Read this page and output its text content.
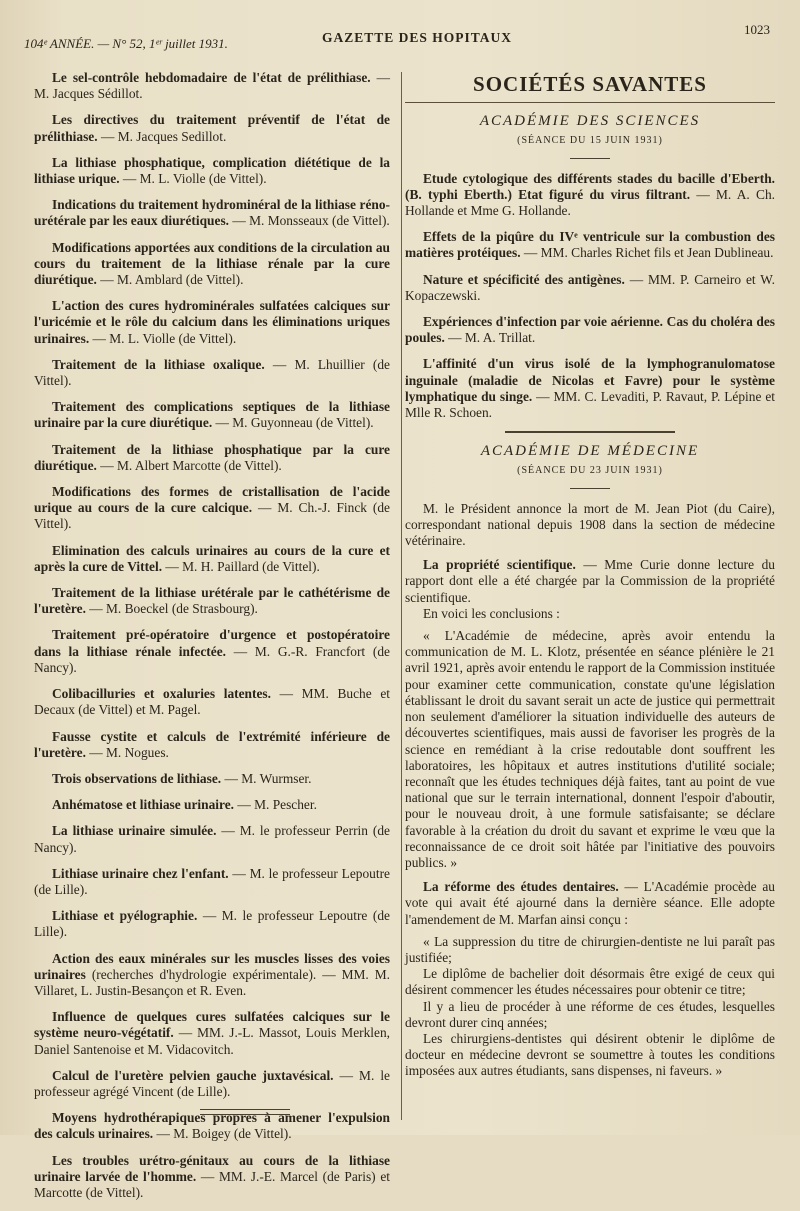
104ᵉ ANNÉE. — N° 52, 1ᵉʳ juillet 1931.	GAZETTE DES HOPITAUX
1023

Le sel-contrôle hebdomadaire de l'état de prélithiase. — M. Jacques Sédillot.

Les directives du traitement préventif de l'état de prélithiase. — M. Jacques Sedillot.

La lithiase phosphatique, complication diététique de la lithiase urique. — M. L. Violle (de Vittel).

Indications du traitement hydrominéral de la lithiase réno-urétérale par les eaux diurétiques. — M. Monsseaux (de Vittel).

Modifications apportées aux conditions de la circulation au cours du traitement de la lithiase rénale par la cure diurétique. — M. Amblard (de Vittel).

L'action des cures hydrominérales sulfatées calciques sur l'uricémie et le rôle du calcium dans les éliminations uriques urinaires. — M. L. Violle (de Vittel).

Traitement de la lithiase oxalique. — M. Lhuillier (de Vittel).

Traitement des complications septiques de la lithiase urinaire par la cure diurétique. — M. Guyonneau (de Vittel).

Traitement de la lithiase phosphatique par la cure diurétique. — M. Albert Marcotte (de Vittel).

Modifications des formes de cristallisation de l'acide urique au cours de la cure calcique. — M. Ch.-J. Finck (de Vittel).

Elimination des calculs urinaires au cours de la cure et après la cure de Vittel. — M. H. Paillard (de Vittel).

Traitement de la lithiase urétérale par le cathétérisme de l'uretère. — M. Boeckel (de Strasbourg).

Traitement pré-opératoire d'urgence et postopératoire dans la lithiase rénale infectée. — M. G.-R. Francfort (de Nancy).

Colibacilluries et oxaluries latentes. — MM. Buche et Decaux (de Vittel) et M. Pagel.

Fausse cystite et calculs de l'extrémité inférieure de l'uretère. — M. Nogues.

Trois observations de lithiase. — M. Wurmser.

Anhématose et lithiase urinaire. — M. Pescher.

La lithiase urinaire simulée. — M. le professeur Perrin (de Nancy).

Lithiase urinaire chez l'enfant. — M. le professeur Lepoutre (de Lille).

Lithiase et pyélographie. — M. le professeur Lepoutre (de Lille).

Action des eaux minérales sur les muscles lisses des voies urinaires (recherches d'hydrologie expérimentale). — MM. M. Villaret, L. Justin-Besançon et R. Even.

Influence de quelques cures sulfatées calciques sur le système neuro-végétatif. — MM. J.-L. Massot, Louis Merklen, Daniel Santenoise et M. Vidacovitch.

Calcul de l'uretère pelvien gauche juxtavésical. — M. le professeur agrégé Vincent (de Lille).

Moyens hydrothérapiques propres à amener l'expulsion des calculs urinaires. — M. Boigey (de Vittel).

Les troubles urétro-génitaux au cours de la lithiase urinaire larvée de l'homme. — MM. J.-E. Marcel (de Paris) et Marcotte (de Vittel).

SOCIÉTÉS SAVANTES
ACADÉMIE DES SCIENCES
(SÉANCE DU 15 JUIN 1931)

Etude cytologique des différents stades du bacille d'Eberth. (B. typhi Eberth.) Etat figuré du virus filtrant. — M. A. Ch. Hollande et Mme G. Hollande.

Effets de la piqûre du IVᵉ ventricule sur la combustion des matières protéiques. — MM. Charles Richet fils et Jean Dublineau.

Nature et spécificité des antigènes. — MM. P. Carneiro et W. Kopaczewski.

Expériences d'infection par voie aérienne. Cas du choléra des poules. — M. A. Trillat.

L'affinité d'un virus isolé de la lymphogranulomatose inguinale (maladie de Nicolas et Favre) pour le système lymphatique du singe. — MM. C. Levaditi, P. Ravaut, P. Lépine et Mlle R. Schoen.

ACADÉMIE DE MÉDECINE
(SÉANCE DU 23 JUIN 1931)

M. le Président annonce la mort de M. Jean Piot (du Caire), correspondant national depuis 1908 dans la section de médecine vétérinaire.

La propriété scientifique. — Mme Curie donne lecture du rapport dont elle a été chargée par la Commission de la propriété scientifique.

En voici les conclusions :

« L'Académie de médecine, après avoir entendu la communication de M. L. Klotz, présentée en séance plénière le 21 avril 1921, après avoir entendu le rapport de la Commission instituée pour examiner cette communication, constate qu'une législation établissant le droit du savant serait un acte de justice qui permettrait non seulement d'améliorer la situation individuelle des auteurs de découvertes scientifiques, mais aussi de favoriser les progrès de la science en remédiant à la crise redoutable dont souffrent les laboratoires, les hôpitaux et autres institutions d'utilité sociale; reconnaît que les études techniques déjà faites, tant au point de vue national que sur le terrain international, donnent l'espoir d'aboutir, pour le nouveau droit, à une formule satisfaisante; se déclare favorable à la création du droit du savant et exprime le vœu que la reconnaissance de ce droit soit hâtée par l'initiative des pouvoirs publics. »

La réforme des études dentaires. — L'Académie procède au vote qui avait été ajourné dans la dernière séance. Elle adopte l'amendement de M. Marfan ainsi conçu :

« La suppression du titre de chirurgien-dentiste ne lui paraît pas justifiée;

Le diplôme de bachelier doit désormais être exigé de ceux qui désirent commencer les études nécessaires pour obtenir ce titre;

Il y a lieu de procéder à une réforme de ces études, lesquelles devront durer cinq années;

Les chirurgiens-dentistes qui désirent obtenir le diplôme de docteur en médecine devront se soumettre à toutes les conditions imposées aux autres étudiants, sans dispenses, ni faveurs. »
